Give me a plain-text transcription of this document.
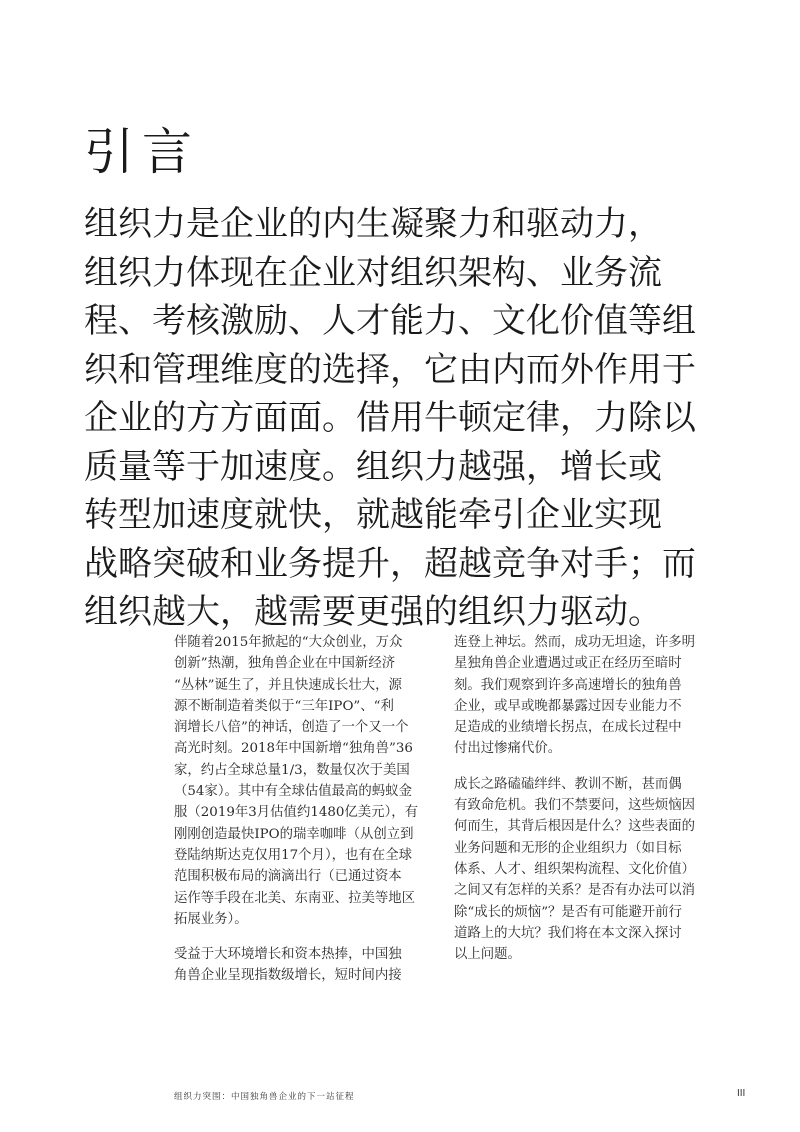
引言
组织力是企业的内生凝聚力和驱动力，
组织力体现在企业对组织架构、业务流
程、考核激励、人才能力、文化价值等组
织和管理维度的选择，它由内而外作用于
企业的方方面面。借用牛顿定律，力除以
质量等于加速度。组织力越强，增长或
转型加速度就快，就越能牵引企业实现
战略突破和业务提升，超越竞争对手；而
组织越大，越需要更强的组织力驱动。

伴随着2015年掀起的“大众创业，万众
创新”热潮，独角兽企业在中国新经济
“丛林”诞生了，并且快速成长壮大，源
源不断制造着类似于“三年IPO”、“利
润增长八倍”的神话，创造了一个又一个
高光时刻。2018年中国新增“独角兽”36
家，约占全球总量1/3，数量仅次于美国
（54家）。其中有全球估值最高的蚂蚁金
服（2019年3月估值约1480亿美元），有
刚刚创造最快IPO的瑞幸咖啡（从创立到
登陆纳斯达克仅用17个月），也有在全球
范围积极布局的滴滴出行（已通过资本
运作等手段在北美、东南亚、拉美等地区
拓展业务）。

受益于大环境增长和资本热捧，中国独
角兽企业呈现指数级增长，短时间内接

连登上神坛。然而，成功无坦途，许多明
星独角兽企业遭遇过或正在经历至暗时
刻。我们观察到许多高速增长的独角兽
企业，或早或晚都暴露过因专业能力不
足造成的业绩增长拐点，在成长过程中
付出过惨痛代价。

成长之路磕磕绊绊、教训不断，甚而偶
有致命危机。我们不禁要问，这些烦恼因
何而生，其背后根因是什么？这些表面的
业务问题和无形的企业组织力（如目标
体系、人才、组织架构流程、文化价值）
之间又有怎样的关系？是否有办法可以消
除“成长的烦恼”？是否有可能避开前行
道路上的大坑？我们将在本文深入探讨
以上问题。

组织力突围：中国独角兽企业的下一站征程	III
